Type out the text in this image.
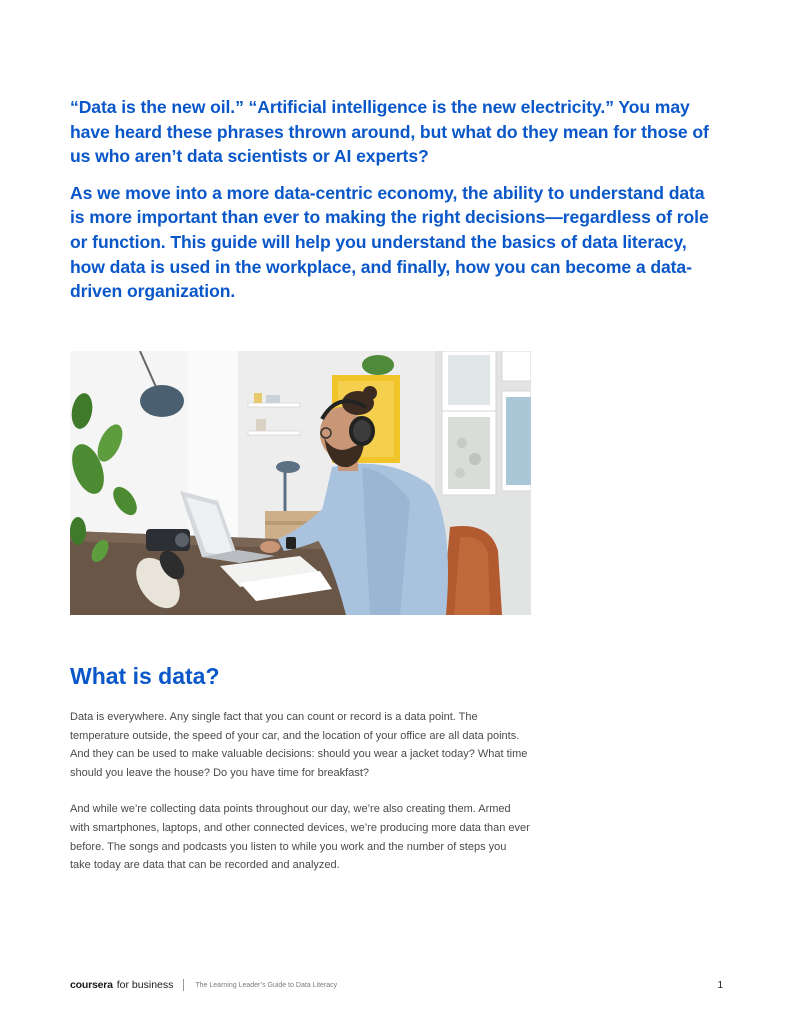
“Data is the new oil.” “Artificial intelligence is the new electricity.” You may have heard these phrases thrown around, but what do they mean for those of us who aren’t data scientists or AI experts?

As we move into a more data-centric economy, the ability to understand data is more important than ever to making the right decisions—regardless of role or function. This guide will help you understand the basics of data literacy, how data is used in the workplace, and finally, how you can become a data-driven organization.

What is data?

Data is everywhere. Any single fact that you can count or record is a data point. The temperature outside, the speed of your car, and the location of your office are all data points. And they can be used to make valuable decisions: should you wear a jacket today? What time should you leave the house? Do you have time for breakfast?

And while we’re collecting data points throughout our day, we’re also creating them. Armed with smartphones, laptops, and other connected devices, we’re producing more data than ever before. The songs and podcasts you listen to while you work and the number of steps you take today are data that can be recorded and analyzed.

coursera for business	The Learning Leader’s Guide to Data Literacy	1
